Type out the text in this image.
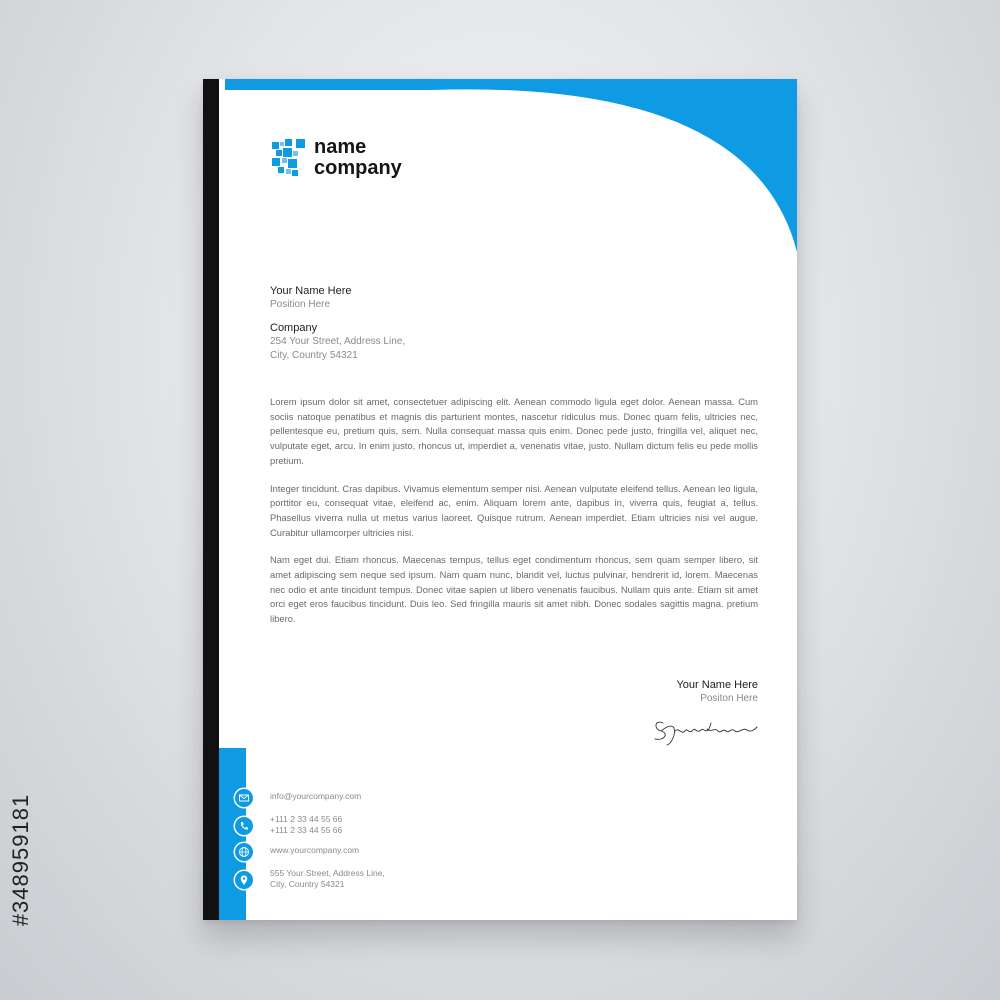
#348959181
name
company
Your Name Here
Position Here
Company
254 Your Street, Address Line,
City, Country 54321

Lorem ipsum dolor sit amet, consectetuer adipiscing elit. Aenean commodo ligula eget dolor. Aenean massa. Cum sociis natoque penatibus et magnis dis parturient montes, nascetur ridiculus mus. Donec quam felis, ultricies nec, pellentesque eu, pretium quis, sem. Nulla consequat massa quis enim. Donec pede justo, fringilla vel, aliquet nec, vulputate eget, arcu. In enim justo, rhoncus ut, imperdiet a, venenatis vitae, justo. Nullam dictum felis eu pede mollis pretium.

Integer tincidunt. Cras dapibus. Vivamus elementum semper nisi. Aenean vulputate eleifend tellus. Aenean leo ligula, porttitor eu, consequat vitae, eleifend ac, enim. Aliquam lorem ante, dapibus in, viverra quis, feugiat a, tellus. Phasellus viverra nulla ut metus varius laoreet. Quisque rutrum. Aenean imperdiet. Etiam ultricies nisi vel augue. Curabitur ullamcorper ultricies nisi.

Nam eget dui. Etiam rhoncus. Maecenas tempus, tellus eget condimentum rhoncus, sem quam semper libero, sit amet adipiscing sem neque sed ipsum. Nam quam nunc, blandit vel, luctus pulvinar, hendrerit id, lorem. Maecenas nec odio et ante tincidunt tempus. Donec vitae sapien ut libero venenatis faucibus. Nullam quis ante. Etiam sit amet orci eget eros faucibus tincidunt. Duis leo. Sed fringilla mauris sit amet nibh. Donec sodales sagittis magna. pretium libero.

Your Name Here
Positon Here
info@yourcompany.com
+111 2 33 44 55 66
+111 2 33 44 55 66
www.yourcompany.com
555 Your Street, Address Line,
City, Country 54321
